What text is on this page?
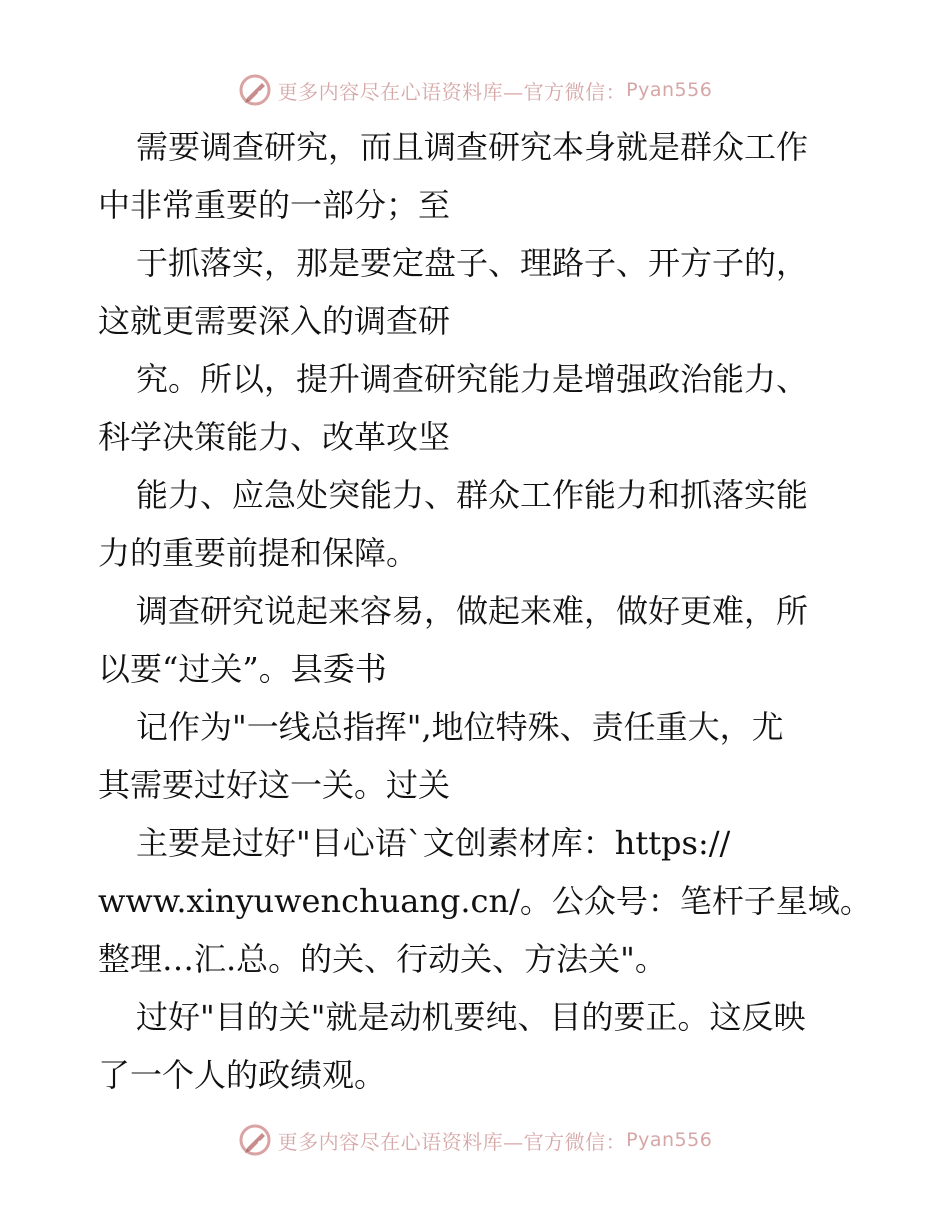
更多内容尽在心语资料库—官方微信： Pyan556

需要调查研究，而且调查研究本身就是群众工作

中非常重要的一部分；至

于抓落实，那是要定盘子、理路子、开方子的，

这就更需要深入的调查研

究。所以，提升调查研究能力是增强政治能力、

科学决策能力、改革攻坚

能力、应急处突能力、群众工作能力和抓落实能

力的重要前提和保障。

调查研究说起来容易，做起来难，做好更难，所

以要“过关”。县委书

记作为"一线总指挥",地位特殊、责任重大，尤

其需要过好这一关。过关

主要是过好"目心语`文创素材库：https://

www.xinyuwenchuang.cn/。公众号：笔杆子星域。

整理…汇.总。的关、行动关、方法关"。

过好"目的关"就是动机要纯、目的要正。这反映

了一个人的政绩观。

更多内容尽在心语资料库—官方微信： Pyan556
